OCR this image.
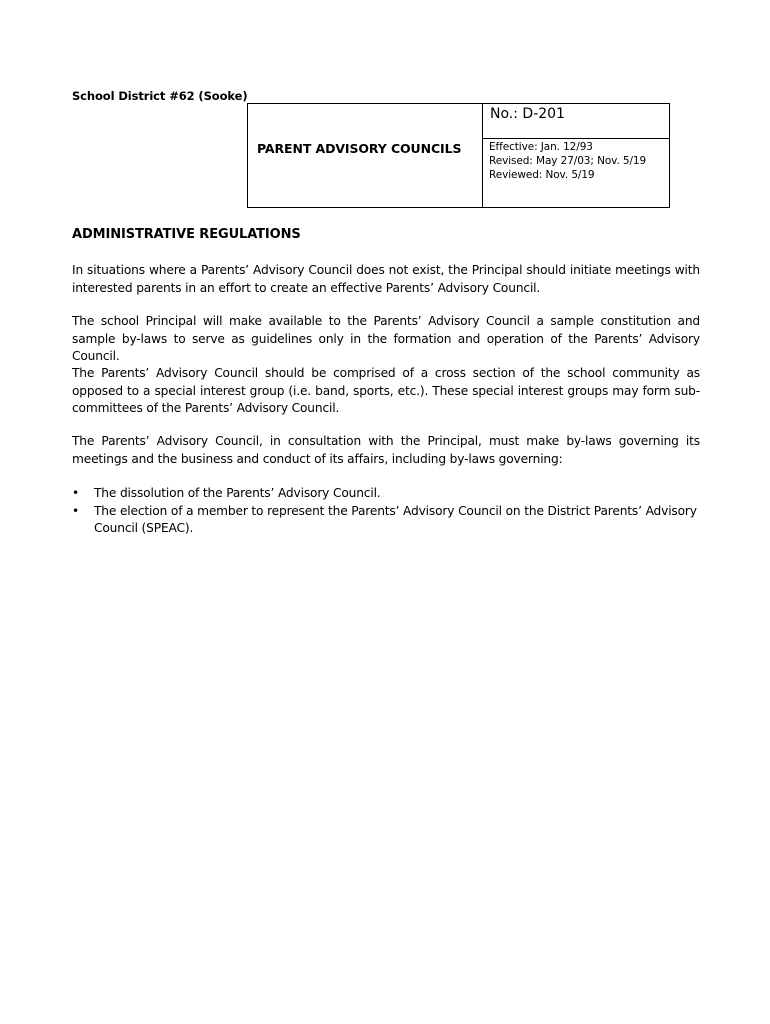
School District #62 (Sooke)
PARENT ADVISORY COUNCILS
No.: D-201
Effective: Jan. 12/93
Revised: May 27/03; Nov. 5/19
Reviewed: Nov. 5/19
ADMINISTRATIVE REGULATIONS

In situations where a Parents’ Advisory Council does not exist, the Principal should initiate meetings with interested parents in an effort to create an effective Parents’ Advisory Council.

The school Principal will make available to the Parents’ Advisory Council a sample constitution and sample by-laws to serve as guidelines only in the formation and operation of the Parents’ Advisory Council.

The Parents’ Advisory Council should be comprised of a cross section of the school community as opposed to a special interest group (i.e. band, sports, etc.). These special interest groups may form sub-committees of the Parents’ Advisory Council.

The Parents’ Advisory Council, in consultation with the Principal, must make by-laws governing its meetings and the business and conduct of its affairs, including by-laws governing:

• The dissolution of the Parents’ Advisory Council.
• The election of a member to represent the Parents’ Advisory Council on the District Parents’ Advisory Council (SPEAC).
